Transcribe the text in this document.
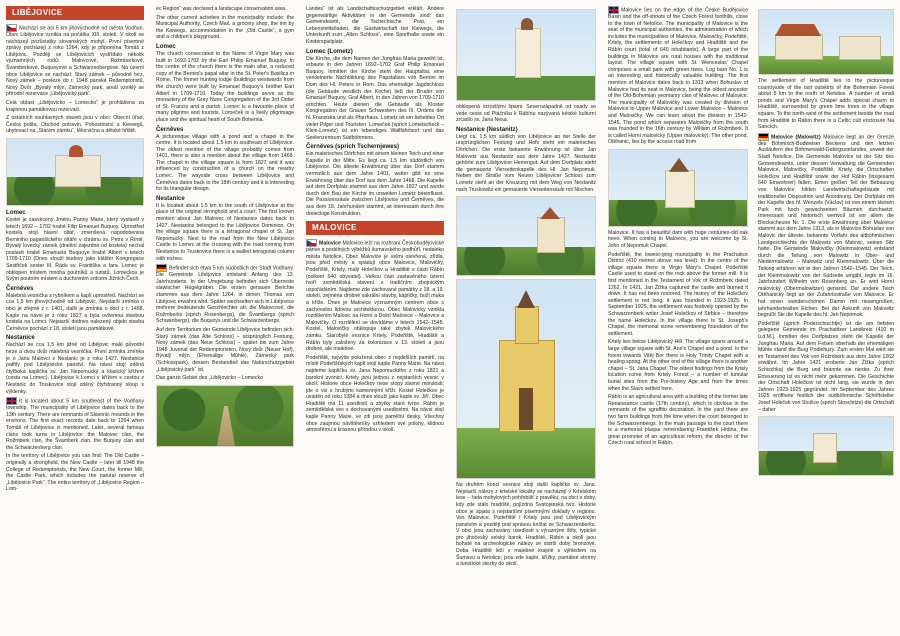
LIBĚJOVICE

Nachází se asi 5 km jihovýchodně od města Vodňan. Obec Libějovice vznikla na počátku XIII. století. V okolí se nacházejí pozůstatky slovanských mohyl. První písemné zprávy pocházejí z roku 1264, kdy je připomína Tomáš z Libějovic. Později se Libějovicích vystřídalo několik významných rodů: Malovcové, Rožmberkové, Švamberkové, Buquoyové a Schwarzenbergové. Na území obce Libějovice se nachází: Starý zámek – původně tvrz, Nový zámek – posléze do r. 1948 panské Redemptoristů, Nový Dvůr „Bývalý mlýn, Zámecký park, areál vzniklý se přírodní rezervace „Libějovický park“.

Celá oblast „Libějovicko – Lomecko“ je prohlášena za krajinnou památkovou rezervaci.

Z ostatních souhlasných staveb jsou v obci: Obecní úřad, Česká pošta, Obchod potravin, Pohostinství u Kiewegů, ubytovací na „Starém zámku“, tělocvična a dětské hřiště.

Lomec

Kostel je zasvěcený Jménu Panny Marie, který vystavěl v letech 1692 – 1702 hrabě Filip Emanuel Buquoy. Uprostřed kostela stojí hlavní oltář, zmenšená napodobenina Berniniho paganšického oltáře v chrámu sv. Petra v Římě. Bývalý lovecký zámek (dnešní zajezdné od kostela) nechal postavit hrabě Emanuela Buquoye hrabě Albert v letech 1709-1710 (Dnes slouží budovy jako klášter Kongregace Sestřiček sester III. Řádu sv. Františka a fara. Lomec je obklopen místem mnoha poutníků a turistů. Lomeckou je Svým poutním místem a duchovním srdcem Jižních Čech.

Černěves

Malebná vesnička s rybníkem a kaplí uprostřed. Nachází se cca 1,5 km jihovýchodně od Libějovic. Nejstarší zmínka o obci je zřejmě z r. 1401, další je zmínka o obci z r. 1468. Kaple na návsi je z roku 1827 a byla ovšemna stavbou kostela na Lomci. Nejstarší dodnes nalezený objekt stavba Černěvce pochází z 18. století jsou památkové.

Nestanice

Nachází se cca 1,5 km jižně od Libějovic malé původní tvrze a dvou dvůr malebná vesnička. První zmínka zmínka je o Janu Malovci z Nestanic je z roku 1427. Nestanice patřily pod Libějovické panství. Na návsi stojí zděná čtyřboká kaplička sv. Jan Nepomucký a klasický křížem (cesta na Lomec). Libějovice k Lomci v křížem s cestou z Nestanic do Truskovice stojí zděný čtyřstranný sloup s výklenky.

It is located about 5 km southeast of the Vodňany township. The municipality of Libějovice dates back to the 13th century. There are remnants of Slavonic mounds in the environs. The first exact records date back to 1264 when Tomáš of Libějovice is mentioned. Later, several famous clans took turns in Libějovice: the Malovec clan, the Rožmberk clan, the Švamberk clan, the Buquoy clan and the Schwarzenberg clan.

In the territory of Libějovice you can find: The Old Castle – originally a stronghold, the New Castle – later till 1948 the College of Redemptorists, the New Court, the former Mill, the Castle Park, which includes the natural reserve of „Libějovice Park“. The entire territory of „Libějovice Region – Lom-

ec Region“ was declared a landscape conservation area.

The other current activities in the municipality include: the Municipal Authority, Czech Mail, a grocery shop, the inn by the Kiewegs, accommodation in the „Old Castle“, a gym and a children's playground.

Lomec

The church consecrated to the Name of Virgin Mary was built in 1692-1702 by the Earl Philip Emanuel Buquoy. In the centre of the church there is the main altar, a reduced copy of the Bernini's papal altar in the St. Peter's Basilica in Rome. The former hunting lodge (buildings westwards from the church) were built by Emanuel Buquoy's brother Earl Albert in 1709-1710. Today the buildings serve as the monastery of the Grey Nuns Congregation of the 3rd Order of St. Francis and a parish. Lomec is a favourite place of many pilgrims and tourists. Lomeček is a lively pilgrimage place and the spiritual heart of South Bohemia.

Černěves

A picturesque village with a pond and a chapel in the centre. It is located about 1.5 km to southeast of Libějovice. The oldest mention of the village probably comes from 1401, there is also a mention about the village from 1468. The chapel in the village square is from 1827 and it was influenced by construction of a church on the nearby Lomec. The wayside cross between Libějovice and Černěves dates back to the 18th century and it is interesting for its triangular design.

Nestanice

It is located about 1.5 km to the south of Libějovice at the place of the original stronghold and a court. The first known mention about Jan Malovec of Nestanice dates back to 1427. Nestanice belonged to the Libějovice Dominion. On the village square there is a tetragonal chapel of St. Jan Nepomucký. Next to the road from the New Libějovice Castle to Lomec at the crossing with the road coming from Nestanice to Truskovice there is a walled tetragonal column with niches.

Befindet sich etwa 5 km südöstlich der Stadt Vodňany. Die Gemeinde Libějovice entstand Anfang des 13. Jahrhunderts. In der Umgebung befinden sich Überreste slawischer Hügelgräber. Die ersten genauen Berichte stammen aus dem Jahre 1264, in denen Thomas von Libějovic erwähnt wird. Später wechselten sich in Libějovice mehrere bedeutende Geschlechter ab: die Malovcové, die Rožmberks (sprich Rosenbergs), die Švambergs (sprich Schwanbergs), die Buquoys und die Schwarzenbergs.

Auf dem Territorium der Gemeinde Libějovice befinden sich: Starý zámek (das Alte Schloss) – ursprünglich Festung, Nový zámek (das Neue Schloss) – später bis zum Jahre 1948 Juvenat der Redemptoristen, Nový dvůr (Neuer Hof), Bývalý mlýn (Ehemalige Mühle), Zámecký park (Schlosspark), dessen Bestandteil das Naturschutzgebiet „Libějovický park“ ist.

Das ganze Gebiet des „Libějovicko – Lomecko

Landes“ ist als Landschaftsschutzgebiet erklärt. Andere gegenwärtige Aktivitäten in der Gemeinde sind: das Gemeindeamt, die Tschechische Post, ein Lebensmittelladen, die Gastwirtschaft bei Kiewegs, die Unterkunft zum „Alten Schloss“, eine Sporthalle sowie ein Kinderspielplatz.

Lomec (Lometz)

Die Kirche, die dem Namen der Jungfrau Maria geweiht ist, erbaute in den Jahren 1692–1702 Graf Philip Emanuel Buquoy. Inmitten der Kirche steht der Hauptaltar, eine verkleinerte Nachbildung des Papstaltars von Bernini im Dom des Hl. Peters in Rom. Das ehemalige Jagdschloss (die Gebäude westlich der Kirche) ließ der Bruder von Emanuel Buquoy, Graf Albert, in den Jahren von 1709-1710 errichten. Heute dienen die Gebäude als Kloster Kongregation der Grauen Schwestern des III. Ordens der hl. Franziska und als Pfarrhaus. Lometz ist ein beliebtes Ort vieler Pilger und Touristen. Lomeček (sprich Lometscheck – Klein-Lometz) ist ein lebendiges Wallfahrtsort und das Seelenzentrum Südböhmens.

Černěves (sprich Tschernjewes)

Ein malerisches Dörfchen mit einem kleinen Teich und einer Kapelle in der Mitte. Es liegt ca. 1,5 km südöstlich von Libějovice. Die älteste Erwähnung über das Dorf stammt vermutlich aus dem Jahre 1401, weiter gibt es eine Erwähnung über das Dorf aus dem Jahre 1468. Die Kapelle auf dem Dorfplatz stammt aus dem Jahre 1827 und wurde durch den Bau der Kirche im unweiten Lometz beeinflusst. Die Passionssäule zwischen Libějovice und Černěves, die aus dem 18. Jahrhundert stammt, ist interessant durch ihre dreieckige Konstruktion.

MALOVICE

Malovice Malovice leží na rozhraní Českobudějovické pánve a podélných výběžků šumavského podhůří, nedaleko města Netolice. Obec Malovice je velmi otevřená, zřídla, jsou před městy a spádují obce Malovice, Malovičky, Podeřiště, Krtely, malý Holečkov a Hradiště s částí Rábín (celkem 640 obyvatel). Velkou část zastavěného území tvoří zemědělská stavení s tradičním zbojnickým uspořádáním. Najdeme zde zachované památky z 18. a 19. století, zejména drobné sakrální stavby, kapličky, boží muka a kříže. Dnes je Malovice významným centrem obce s zachovalou lidovou architekturou. Obec Malovicky vznikla rozdělením Malovic na Horní a Dolní Malovice – Malovice a Malovičky. O rozdělení se dovídáme v letech 1542–1545. Kostel, Malovičky obklopuje také zbytek Malovického zámku. Starobylé vesnice Krtely, Podeřiště, Hradiště a Rábín byly založeny za kolonizace v 13. století a jsou drobné, ale malebné.

Podeřiště, nejvýše položená obec z nejdelších pamětí, na místě Podeřišťských kaplí stojí kaple Panny Marie. Na návsi najdeme kapličku sv. Jana Nepomuckého z roku 1821 a barokní zvonici. Krtely jsou jednou z nejstarších vesnic v okolí. Historie obce Holečkov nese stopy slavné minulosti; jde o vsi s hrubými kamennými kříži. Kostel Holečkov je uváděn od roku 1384 a dnes slouží jako kaple sv. Jiří. Obec Hradiště má 11 usedlostí a zbytky staré tvrze. Rábín je zemědělská ves s dochovanými usedlostmi. Na návsi stojí kaple Panny Marie, ve zdi jsou pamětní desky. Všechny obce zaujmou návštěvníky vzhledem své polohy, klidnou atmosférou a krásnou přírodou v okolí.

obklopená vzrostlými lipami. Severozápadně od osady se vede cesta od Ptáčníka k Rábínu nazývaná kétské kulturní zrcadlo sv. Jana Nesa.

Nestanice (Nestanitz)

Liegt ca. 1,5 km südlich von Libějovice an der Stelle der ursprünglichen Festung und Hofs steht ein malerisches Dörfchen. Die erste bekannte Erwähnung ist über Jan Malovetz aus Nestanitz aus dem Jahre 1427. Nestanitz gehörte zum Libějovicer Herrengut. Auf dem Dorfplatz steht die gemauerte Vierseitenkapelle des Hl. Jan Nepomuk. Neben der Straße vom Neuen Libějovicer Schloss zum Lometz steht an der Kreuzung mit dem Weg von Nestanitz nach Truskowitz ein gemauerte Vierseitensäule mit Nischen.

Na druhém konci vesnice stojí další kaplička sv. Jana. Nejstarší nálezy z krtelské lokality se nacházejí v Krtelském lese – řada mohylových pohřebišť z pravěku, na obci s doby, kdy zde stálo hradiště, pojízdná Svatojanská tvrz. Historie obce je spjata s nejstaršími písemnými doklady v regionu. Ves Malovice, Podeřiště i Krtely jsou pod Libějovickým panstvím a později pod správou knížat ze Schwarzenberku. V obci jsou zachovány usedlosti s výraznými štíty, typické pro jihočeský selský barok. Hradiště, Rábín a okolí jsou bohaté na archeologické nálezy ze starší doby bronzové. Doba Hradiště leží v malebné krajině s výhledem na Šumavu a Netolice; jsou zde kaple, křížky, památné stromy a turistické stezky do okolí.

Malovice lies on the edge of the České Budějovice Basin and the off-shoots of the Czech Forest foothills, close to the town of Netolice. The municipality of Malovice is the seat of the municipal authorities, the administration of which includes the municipalities of Malovice, Malovičky, Podeřiště, Krtely, the settlements of Holečkov and Hradiště and the Rábín court (total of 640 inhabitants). A large part of the buildings in Malovice are rural houses with the traditional layout. The village square with St. Wenceslas' Chapel comprises a small park with green trees. Log barn No. 1 is an interesting and historically valuable building. The first mention of Malovice dates back to 1313 when Bohuslav of Malovice had its seat in Malovice, being the oldest ancestor of the Old-Bohemian yeomanry clan of Malovec of Malovice. The municipality of Malovičky was created by division of Malovice to Upper Malovice and Lower Malovice – Malovice and Malovičky. We can learn about the division in 1542-1545. The pond which separates Malovičky from the south was founded in the 16th century by William of Rožmberk. It is called Horní malovický (Upper malovický). The other pond, Otéhanic, lies by the access road from

Malovice. It has a beautiful dam with huge centuries-old oak trees. When coming to Malovice, you are welcome by St. John of Nepomuk Chapel.

Podeřiště, the lowest-lying municipality in the Prachatice District (410 metres above sea level). In the centre of the village square there is Virgin Mary's Chapel. Podeřiště Castle used to stand on the rock above the former mill. It is first mentioned in the Testament of Vok of Rožmberk dated 1262. In 1421, Jan Žižka captured the castle and burned it down. It has not been restored. The history of the Holečkov settlement is not long, it was founded in 1923-1925. In September 1925, the settlement was festively opened by the Schwarzenberk writer Josef Holečkov of Strbice – therefore the name Holečkov. In the village there is St. Joseph's Chapel, the memorial stone remembering foundation of the settlement.

Krtely lies below Libějovický Hill. The village spans around a large village square with St. Ann's Chapel and a pond. In the forest towards Vitěj Bor there is Holy Trinity Chapel with a healing spring. At the other end of the village there is another chapel – St. Jana Chapel. The oldest findings from the Krtely location come from Krtely Forest – a number of tumular burial sites from the Pre-history Age and from the times when the Slavs settled here.

Rábín is an agricultural area with a building of the former late Renaissance castle (17th century), which is obvious in the remnants of the sgraffito decoration. In the yard there are two farm buildings from the time when the court belonged to the Schwarzenbergs. In the main passage to the court there is a memorial plaque remembering František Hrdina, the great promoter of an agricultural reform, the director of the Czech rural school in Rábín.

The settlement of Hradiště lies in the picturesque countryside of the last outskirts of the Bohemian Forest about 5 km to the north of Netolice. A number of small ponds and Virgin Mary's Chapel adds special charm to Hradiště, surrounded by green lime trees in the village square. To the north-west of the settlement beside the road from Hradiště to Rábín there is a Celtic cult enclosure Na Sancích.

Malovice (Malowitz) Malovice liegt an der Grenze des Böhmisch-Budweiser Beckens und den letzten Ausläufern des Böhmerwald-Gebirgsvorlandes, unweit der Stadt Netolice. Die Gemeinde Malovice ist der Sitz des Gemeindeamts, unter dessen Verwaltung die Gemeinden Malovice, Malovičky, Podeřiště, Krtely, die Ortschaften Holečkov und Hradiště sowie der Hof Rábín (insgesamt 640 Einwohner) fallen. Einen großen Teil der Bebauung von Malovice bilden Landwirtschaftsgebäude mit traditioneller Disposition und Anordnung. Der Dorfplatz mit der Kapelle des hl. Wenzels (Václav) ist von einem kleinen Park mit hoch gewachsenen Bäumen durchsetzt. Interessant und historisch wertvoll ist vor allem die Blockscheune Nr. 1. Die erste Erwähnung über Malovice stammt aus dem Jahre 1313, als in Malovice Bohuslav von Malovic der älteste, bekannte Vorfahr des altböhmischen Landgeschlechts der Malovetz von Malovic, seinen Sitz hatte. Die Gemeinde Malovičky (Kleinmalowitz) entstand durch die Teilung von Malowitz in Ober- und Niedermalowitz – Malowitz und Kleinmalowitz. Über die Teilung erfahren wir in den Jahren 1542–1545. Der Teich, der Kleinmalowitz von der Südseite umgibt, legte im 16. Jahrhundert Wilhelm von Rosenberg an. Er wird Horní malovický (Obermalowitzer) genannt. Der andere Teich Otěhanický liegt an der Zufahrtsstraße von Malovice. Er hat einen wunderschönen Damm mit riesengroßen, jahrhundertealten Eichen. Bei der Ankunft von Malowitz begrüßt Sie die Kapelle des hl. Jan Nepomuk.

Podeřiště (sprich Poderschischtje) ist die am tiefsten gelegene Gemeinde im Prachatitzer Landkreis (410 m ü.d.M.). Inmitten des Dorfplatzes steht die Kapelle der Jungfrau Maria. Auf dem Felsen oberhalb der ehemaligen Mühle stand die Burg Podiehuzy. Zum ersten Mal wird sie im Testament des Vok von Rožmberk aus dem Jahre 1262 erwähnt. Im Jahre 1421 eroberte Jan Žižka (sprich Schischka) die Burg und brannte sie nieder. Zu ihrer Erneuerung ist es nicht mehr gekommen. Die Geschichte der Ortschaft Holečkov ist nicht lang, sie wurde in den Jahren 1923-1925 gegründet. Im September des Jahres 1925 eröffnete festlich der südböhmische Schriftsteller Josef Holeček von Stožice (sprich Stoschitze) die Ortschaft – daher
